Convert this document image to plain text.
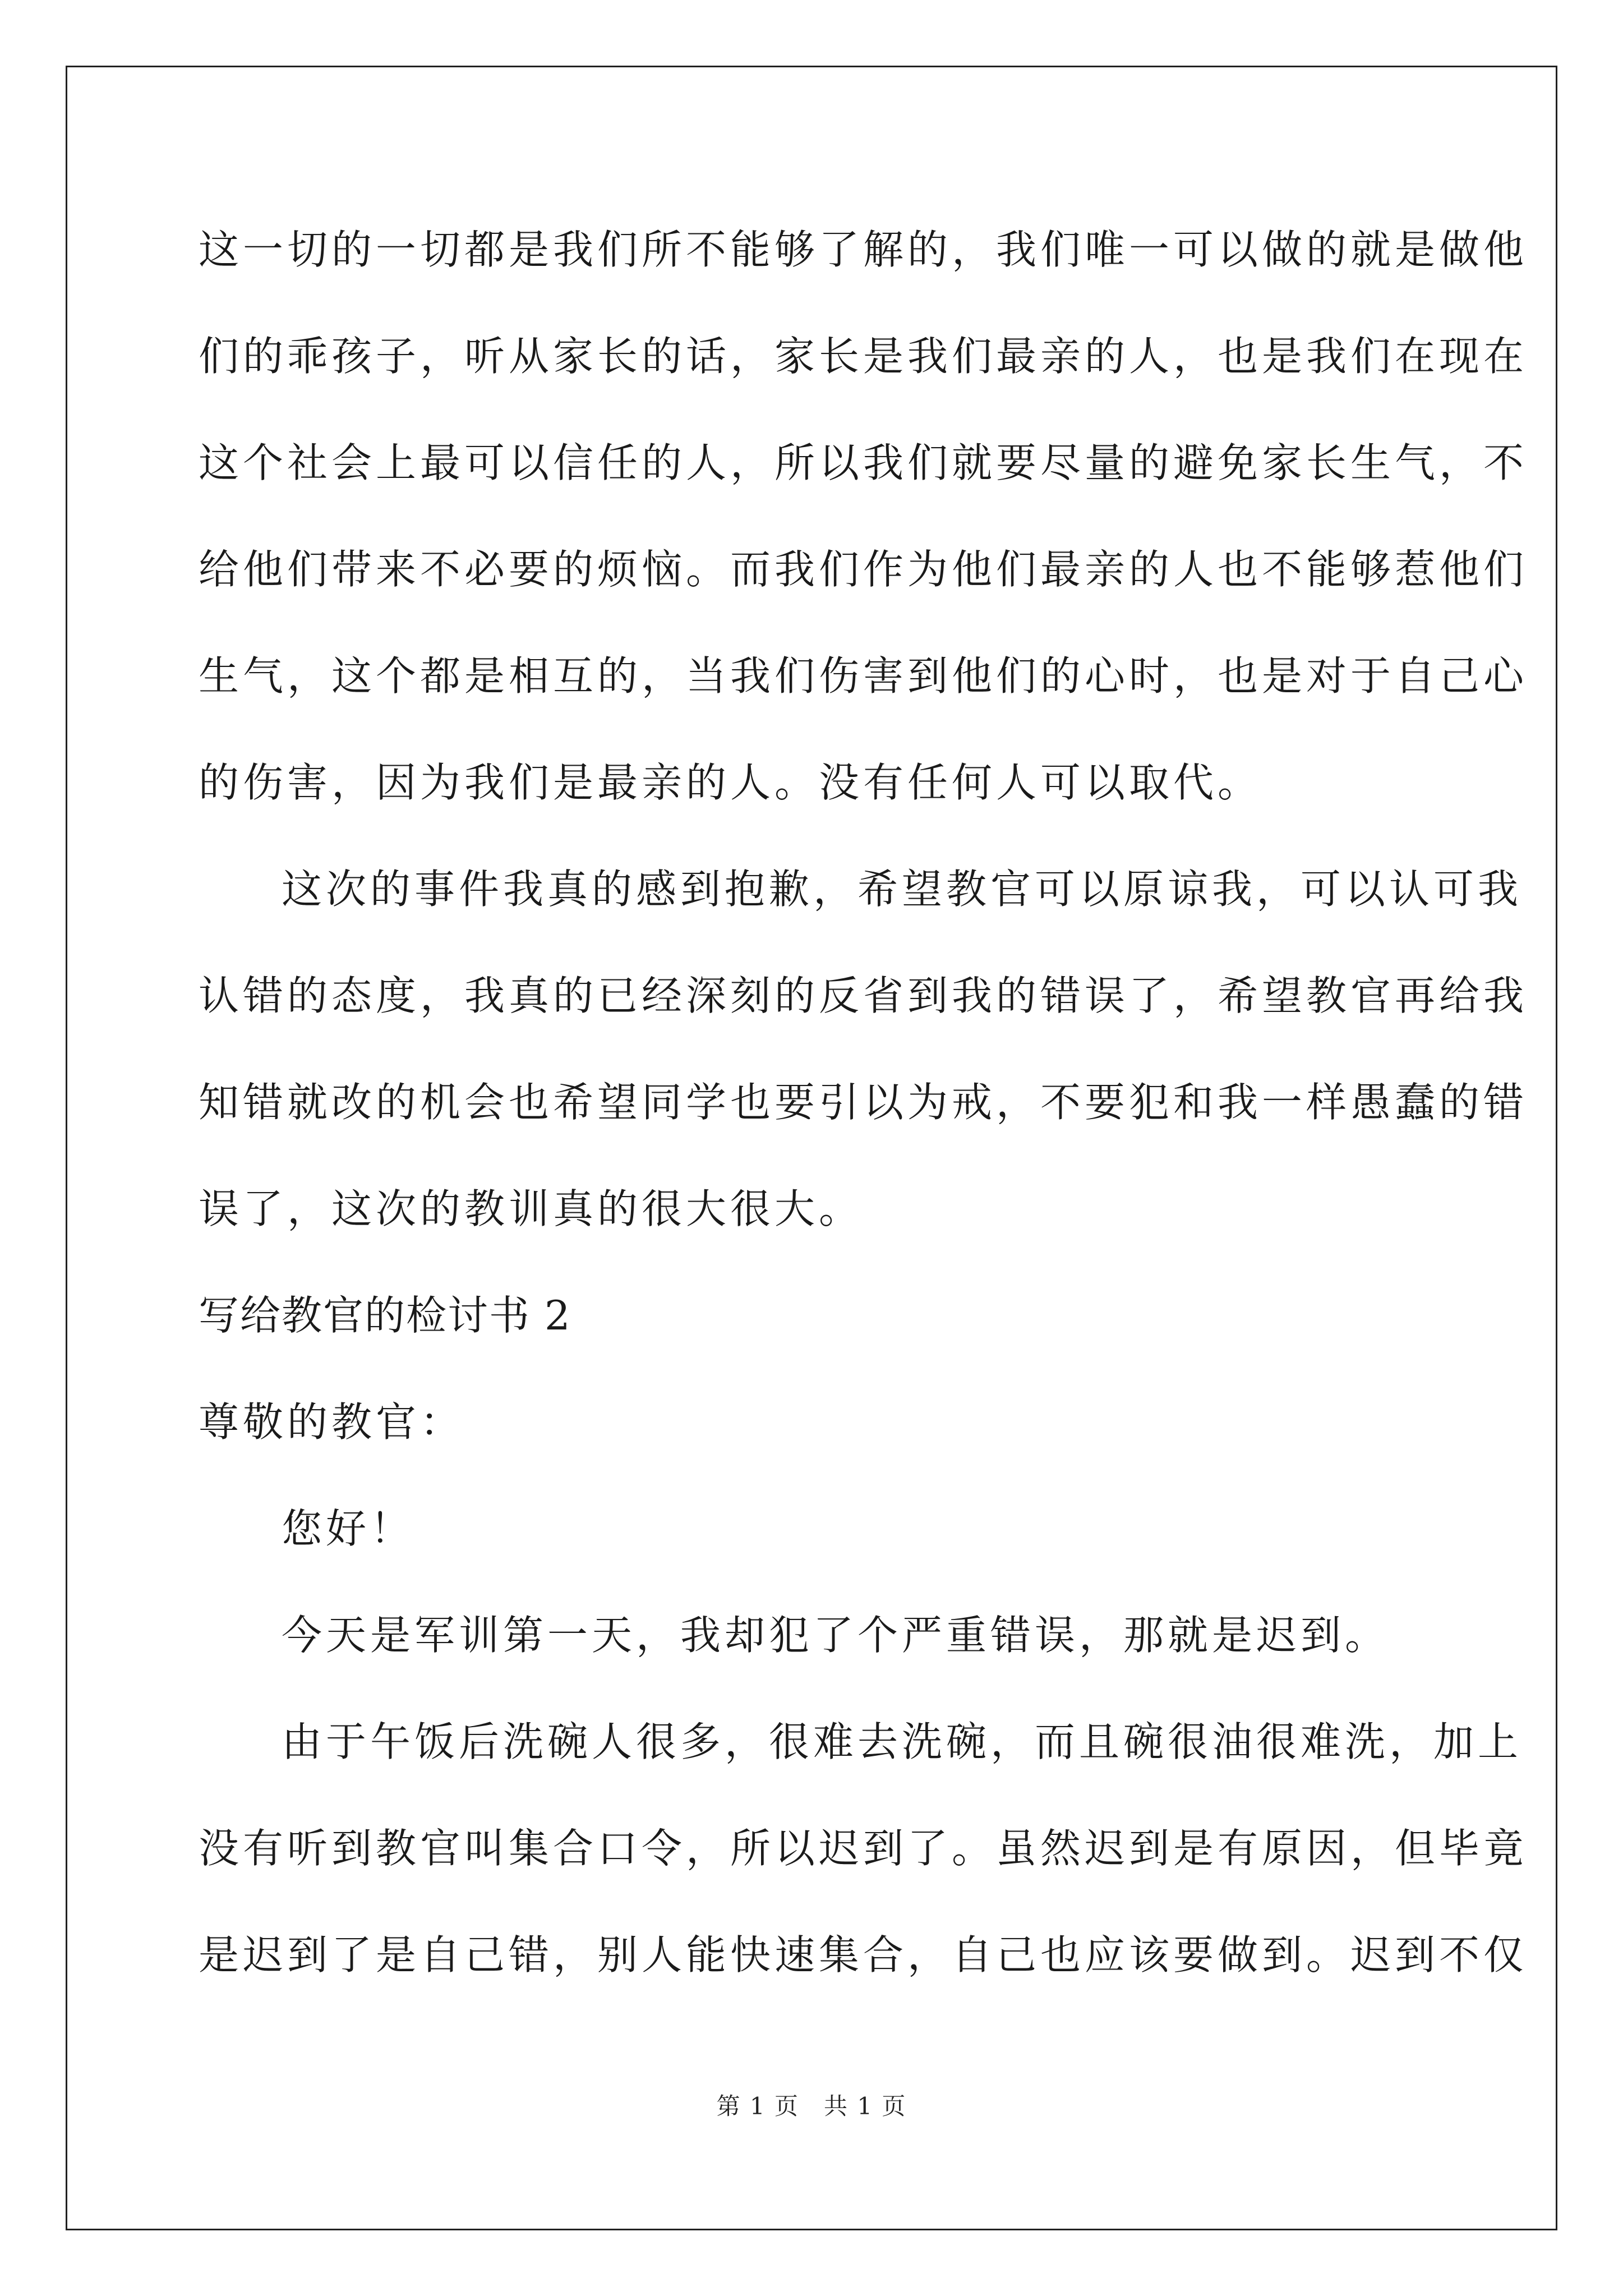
这一切的一切都是我们所不能够了解的，我们唯一可以做的就是做他
们的乖孩子，听从家长的话，家长是我们最亲的人，也是我们在现在
这个社会上最可以信任的人，所以我们就要尽量的避免家长生气，不
给他们带来不必要的烦恼。而我们作为他们最亲的人也不能够惹他们
生气，这个都是相互的，当我们伤害到他们的心时，也是对于自己心
的伤害，因为我们是最亲的人。没有任何人可以取代。
这次的事件我真的感到抱歉，希望教官可以原谅我，可以认可我
认错的态度，我真的已经深刻的反省到我的错误了，希望教官再给我
知错就改的机会也希望同学也要引以为戒，不要犯和我一样愚蠢的错
误了，这次的教训真的很大很大。
写给教官的检讨书 2
尊敬的教官：
您好！
今天是军训第一天，我却犯了个严重错误，那就是迟到。
由于午饭后洗碗人很多，很难去洗碗，而且碗很油很难洗，加上
没有听到教官叫集合口令，所以迟到了。虽然迟到是有原因，但毕竟
是迟到了是自己错，别人能快速集合，自己也应该要做到。迟到不仅
第 1 页　共 1 页
